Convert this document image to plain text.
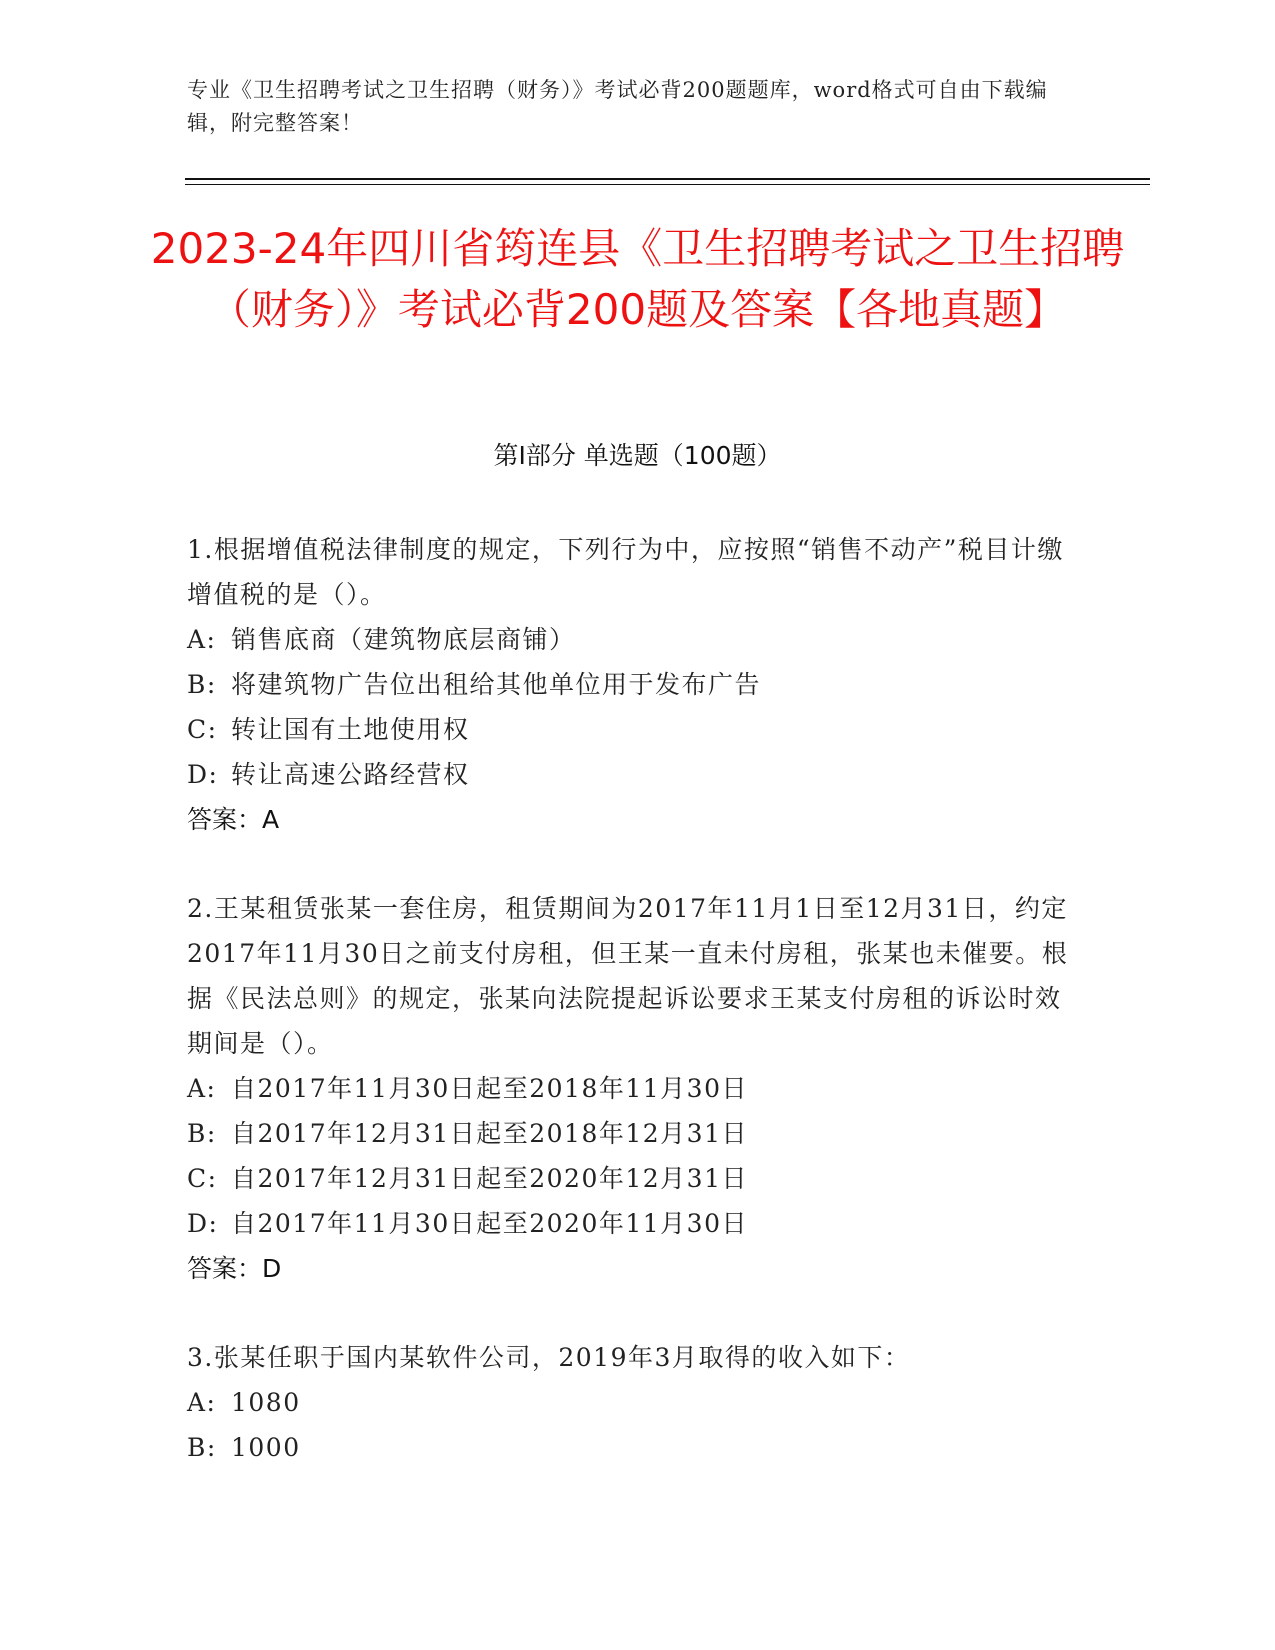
专业《卫生招聘考试之卫生招聘（财务）》考试必背200题题库，word格式可自由下载编辑，附完整答案！
2023-24年四川省筠连县《卫生招聘考试之卫生招聘（财务）》考试必背200题及答案【各地真题】
第I部分 单选题（100题）
1.根据增值税法律制度的规定，下列行为中，应按照“销售不动产”税目计缴增值税的是（）。
A: 销售底商（建筑物底层商铺）
B: 将建筑物广告位出租给其他单位用于发布广告
C: 转让国有土地使用权
D: 转让高速公路经营权
答案：A
2.王某租赁张某一套住房，租赁期间为2017年11月1日至12月31日，约定2017年11月30日之前支付房租，但王某一直未付房租，张某也未催要。根据《民法总则》的规定，张某向法院提起诉讼要求王某支付房租的诉讼时效期间是（）。
A: 自2017年11月30日起至2018年11月30日
B: 自2017年12月31日起至2018年12月31日
C: 自2017年12月31日起至2020年12月31日
D: 自2017年11月30日起至2020年11月30日
答案：D
3.张某任职于国内某软件公司，2019年3月取得的收入如下：
A: 1080
B: 1000
